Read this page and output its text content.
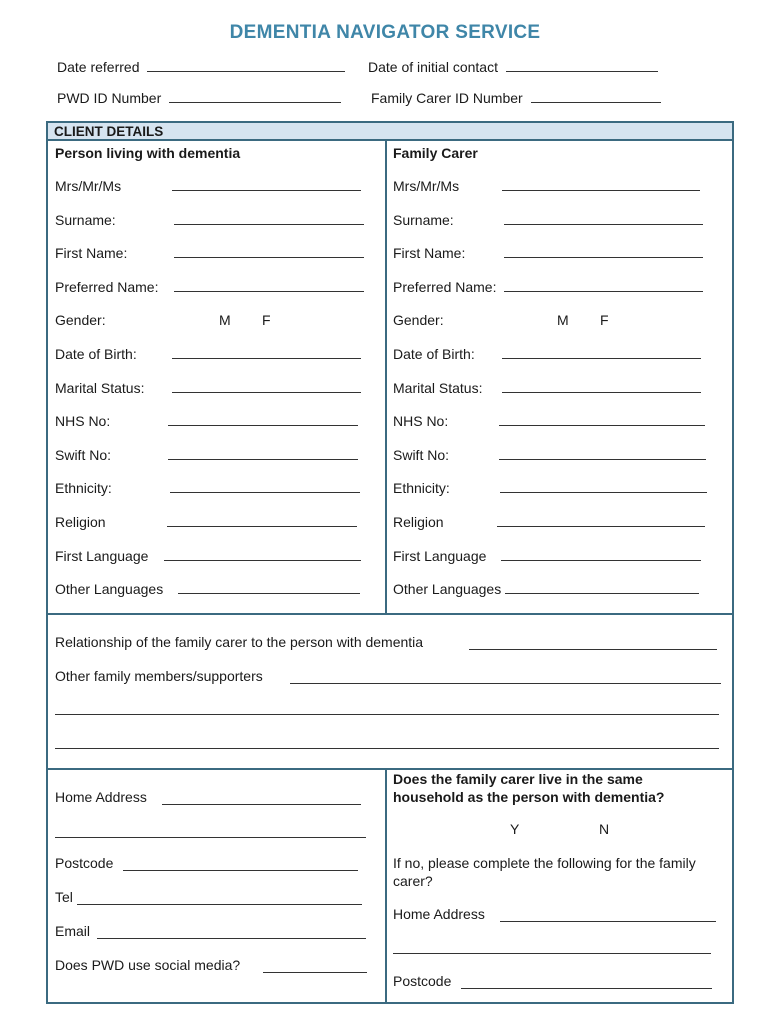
DEMENTIA NAVIGATOR SERVICE
Date referred	Date of initial contact
PWD ID Number	Family Carer ID Number
CLIENT DETAILS
Person living with dementia	Family Carer
Mrs/Mr/Ms
Surname:
First Name:
Preferred Name:
Gender:	M F
Date of Birth:
Marital Status:
NHS No:
Swift No:
Ethnicity:
Religion
First Language
Other Languages
Mrs/Mr/Ms
Surname:
First Name:
Preferred Name:
Gender:	M F
Date of Birth:
Marital Status:
NHS No:
Swift No:
Ethnicity:
Religion
First Language
Other Languages
Relationship of the family carer to the person with dementia
Other family members/supporters
Home Address
Postcode
Tel
Email
Does PWD use social media?
Does the family carer live in the same household as the person with dementia?
Y	N
If no, please complete the following for the family carer?
Home Address
Postcode
